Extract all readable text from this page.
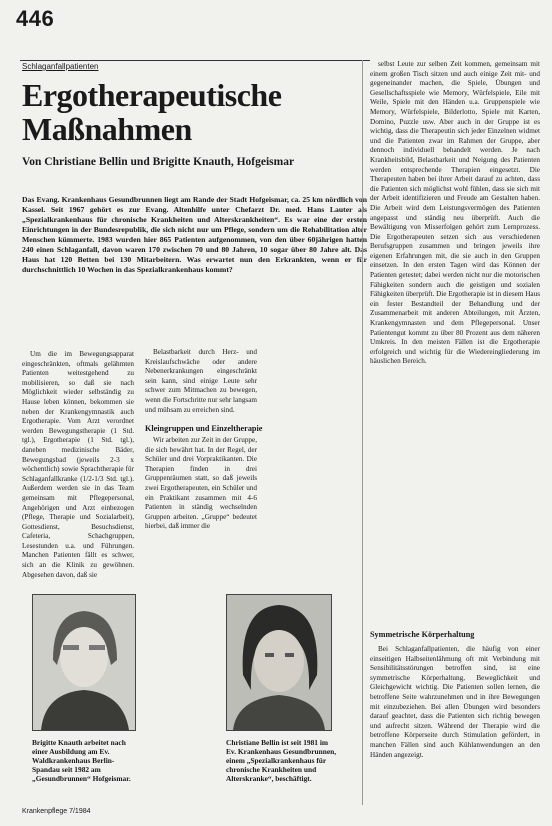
446
Schlaganfallpatienten
Ergotherapeutische Maßnahmen
Von Christiane Bellin und Brigitte Knauth, Hofgeismar
Das Evang. Krankenhaus Gesundbrunnen liegt am Rande der Stadt Hofgeismar, ca. 25 km nördlich von Kassel. Seit 1967 gehört es zur Evang. Altenhilfe unter Chefarzt Dr. med. Hans Lauter als „Spezialkrankenhaus für chronische Krankheiten und Alterskrankheiten“. Es war eine der ersten Einrichtungen in der Bundesrepublik, die sich nicht nur um Pflege, sondern um die Rehabilitation alter Menschen kümmerte. 1983 wurden hier 865 Patienten aufgenommen, von den über 60jährigen hatten 240 einen Schlaganfall, davon waren 170 zwischen 70 und 80 Jahren, 10 sogar über 80 Jahre alt. Das Haus hat 120 Betten bei 130 Mitarbeitern. Was erwartet nun den Erkrankten, wenn er für durchschnittlich 10 Wochen in das Spezialkrankenhaus kommt?

Um die im Bewegungsapparat eingeschränkten, oftmals gelähmten Patienten weitestgehend zu mobilisieren, so daß sie nach Möglichkeit wieder selbständig zu Hause leben können, bekommen sie neben der Krankengymnastik auch Ergotherapie. Vom Arzt verordnet werden Bewegungstherapie (1 Std. tgl.), Ergotherapie (1 Std. tgl.), daneben medizinische Bäder, Bewegungsbad (jeweils 2-3 x wöchentlich) sowie Sprachtherapie für Schlaganfallkranke (1/2-1/3 Std. tgl.). Außerdem werden sie in das Team gemeinsam mit Pflegepersonal, Angehörigen und Arzt einbezogen (Pflege, Therapie und Sozialarbeit), Gottesdienst, Besuchsdienst, Cafeteria, Schachgruppen, Lesestunden u.a. und Führungen. Manchen Patienten fällt es schwer, sich an die Klinik zu gewöhnen. Abgesehen davon, daß sie

Belastbarkeit durch Herz- und Kreislaufschwäche oder andere Nebenerkrankungen eingeschränkt sein kann, sind einige Leute sehr schwer zum Mitmachen zu bewegen, wenn die Fortschritte nur sehr langsam und mühsam zu erreichen sind.

Kleingruppen und Einzeltherapie

Wir arbeiten zur Zeit in der Gruppe, die sich bewährt hat. In der Regel, der Schüler und drei Vorpraktikanten. Die Therapien finden in drei Gruppenräumen statt, so daß jeweils zwei Ergotherapeuten, ein Schüler und ein Praktikant zusammen mit 4-6 Patienten in ständig wechselnden Gruppen arbeiten. „Gruppe“ bedeutet hierbei, daß immer die

selbst Leute zur selben Zeit kommen, gemeinsam mit einem großen Tisch sitzen und auch einige Zeit mit- und gegeneinander machen, die Spiele, Übungen und Gesellschaftsspiele wie Memory, Würfelspiele, Eile mit Weile, Spiele mit den Händen u.a. Gruppenspiele wie Memory, Würfelspiele, Bilderlotto, Spiele mit Karten, Domino, Puzzle usw. Aber auch in der Gruppe ist es wichtig, dass die Therapeutin sich jeder Einzelnen widmet und die Patienten zwar im Rahmen der Gruppe, aber dennoch individuell behandelt werden. Je nach Krankheitsbild, Belastbarkeit und Neigung des Patienten werden entsprechende Therapien eingesetzt. Die Therapeuten haben bei ihrer Arbeit darauf zu achten, dass die Patienten sich möglichst wohl fühlen, dass sie sich mit der Arbeit identifizieren und Freude am Gestalten haben. Die Arbeit wird dem Leistungsvermögen des Patienten angepasst und ständig neu überprüft. Auch die Bewältigung von Misserfolgen gehört zum Lernprozess. Die Ergotherapeuten setzen sich aus verschiedenen Berufsgruppen zusammen und bringen jeweils ihre eigenen Erfahrungen mit, die sie auch in den Gruppen einsetzen. In den ersten Tagen wird das Können der Patienten getestet; dabei werden nicht nur die motorischen Fähigkeiten sondern auch die geistigen und sozialen Fähigkeiten überprüft. Die Ergotherapie ist in diesem Haus ein fester Bestandteil der Behandlung und der Zusammenarbeit mit anderen Abteilungen, mit Ärzten, Krankengymnasten und dem Pflegepersonal. Unser Patientengut kommt zu über 80 Prozent aus dem näheren Umkreis. In den meisten Fällen ist die Ergotherapie erfolgreich und wichtig für die Wiedereingliederung im häuslichen Bereich.

Symmetrische Körperhaltung

Bei Schlaganfallpatienten, die häufig von einer einseitigen Halbseitenlähmung oft mit Verbindung mit Sensibilitätsstörungen betroffen sind, ist eine symmetrische Körperhaltung, Beweglichkeit und Gleichgewicht wichtig. Die Patienten sollen lernen, die betroffene Seite wahrzunehmen und in ihre Bewegungen mit einzubeziehen. Bei allen Übungen wird besonders darauf geachtet, dass die Patienten sich richtig bewegen und aufrecht sitzen. Während der Therapie wird die betroffene Körperseite durch Stimulation gefördert, in manchen Fällen sind auch Kühlanwendungen an den Händen angezeigt.

Brigitte Knauth arbeitet nach einer Ausbildung am Ev. Waldkrankenhaus Berlin-Spandau seit 1982 am „Gesundbrunnen“ Hofgeismar.
Christiane Bellin ist seit 1981 im Ev. Krankenhaus Gesundbrunnen, einem „Spezialkrankenhaus für chronische Krankheiten und Alterskranke“, beschäftigt.
Krankenpflege 7/1984
